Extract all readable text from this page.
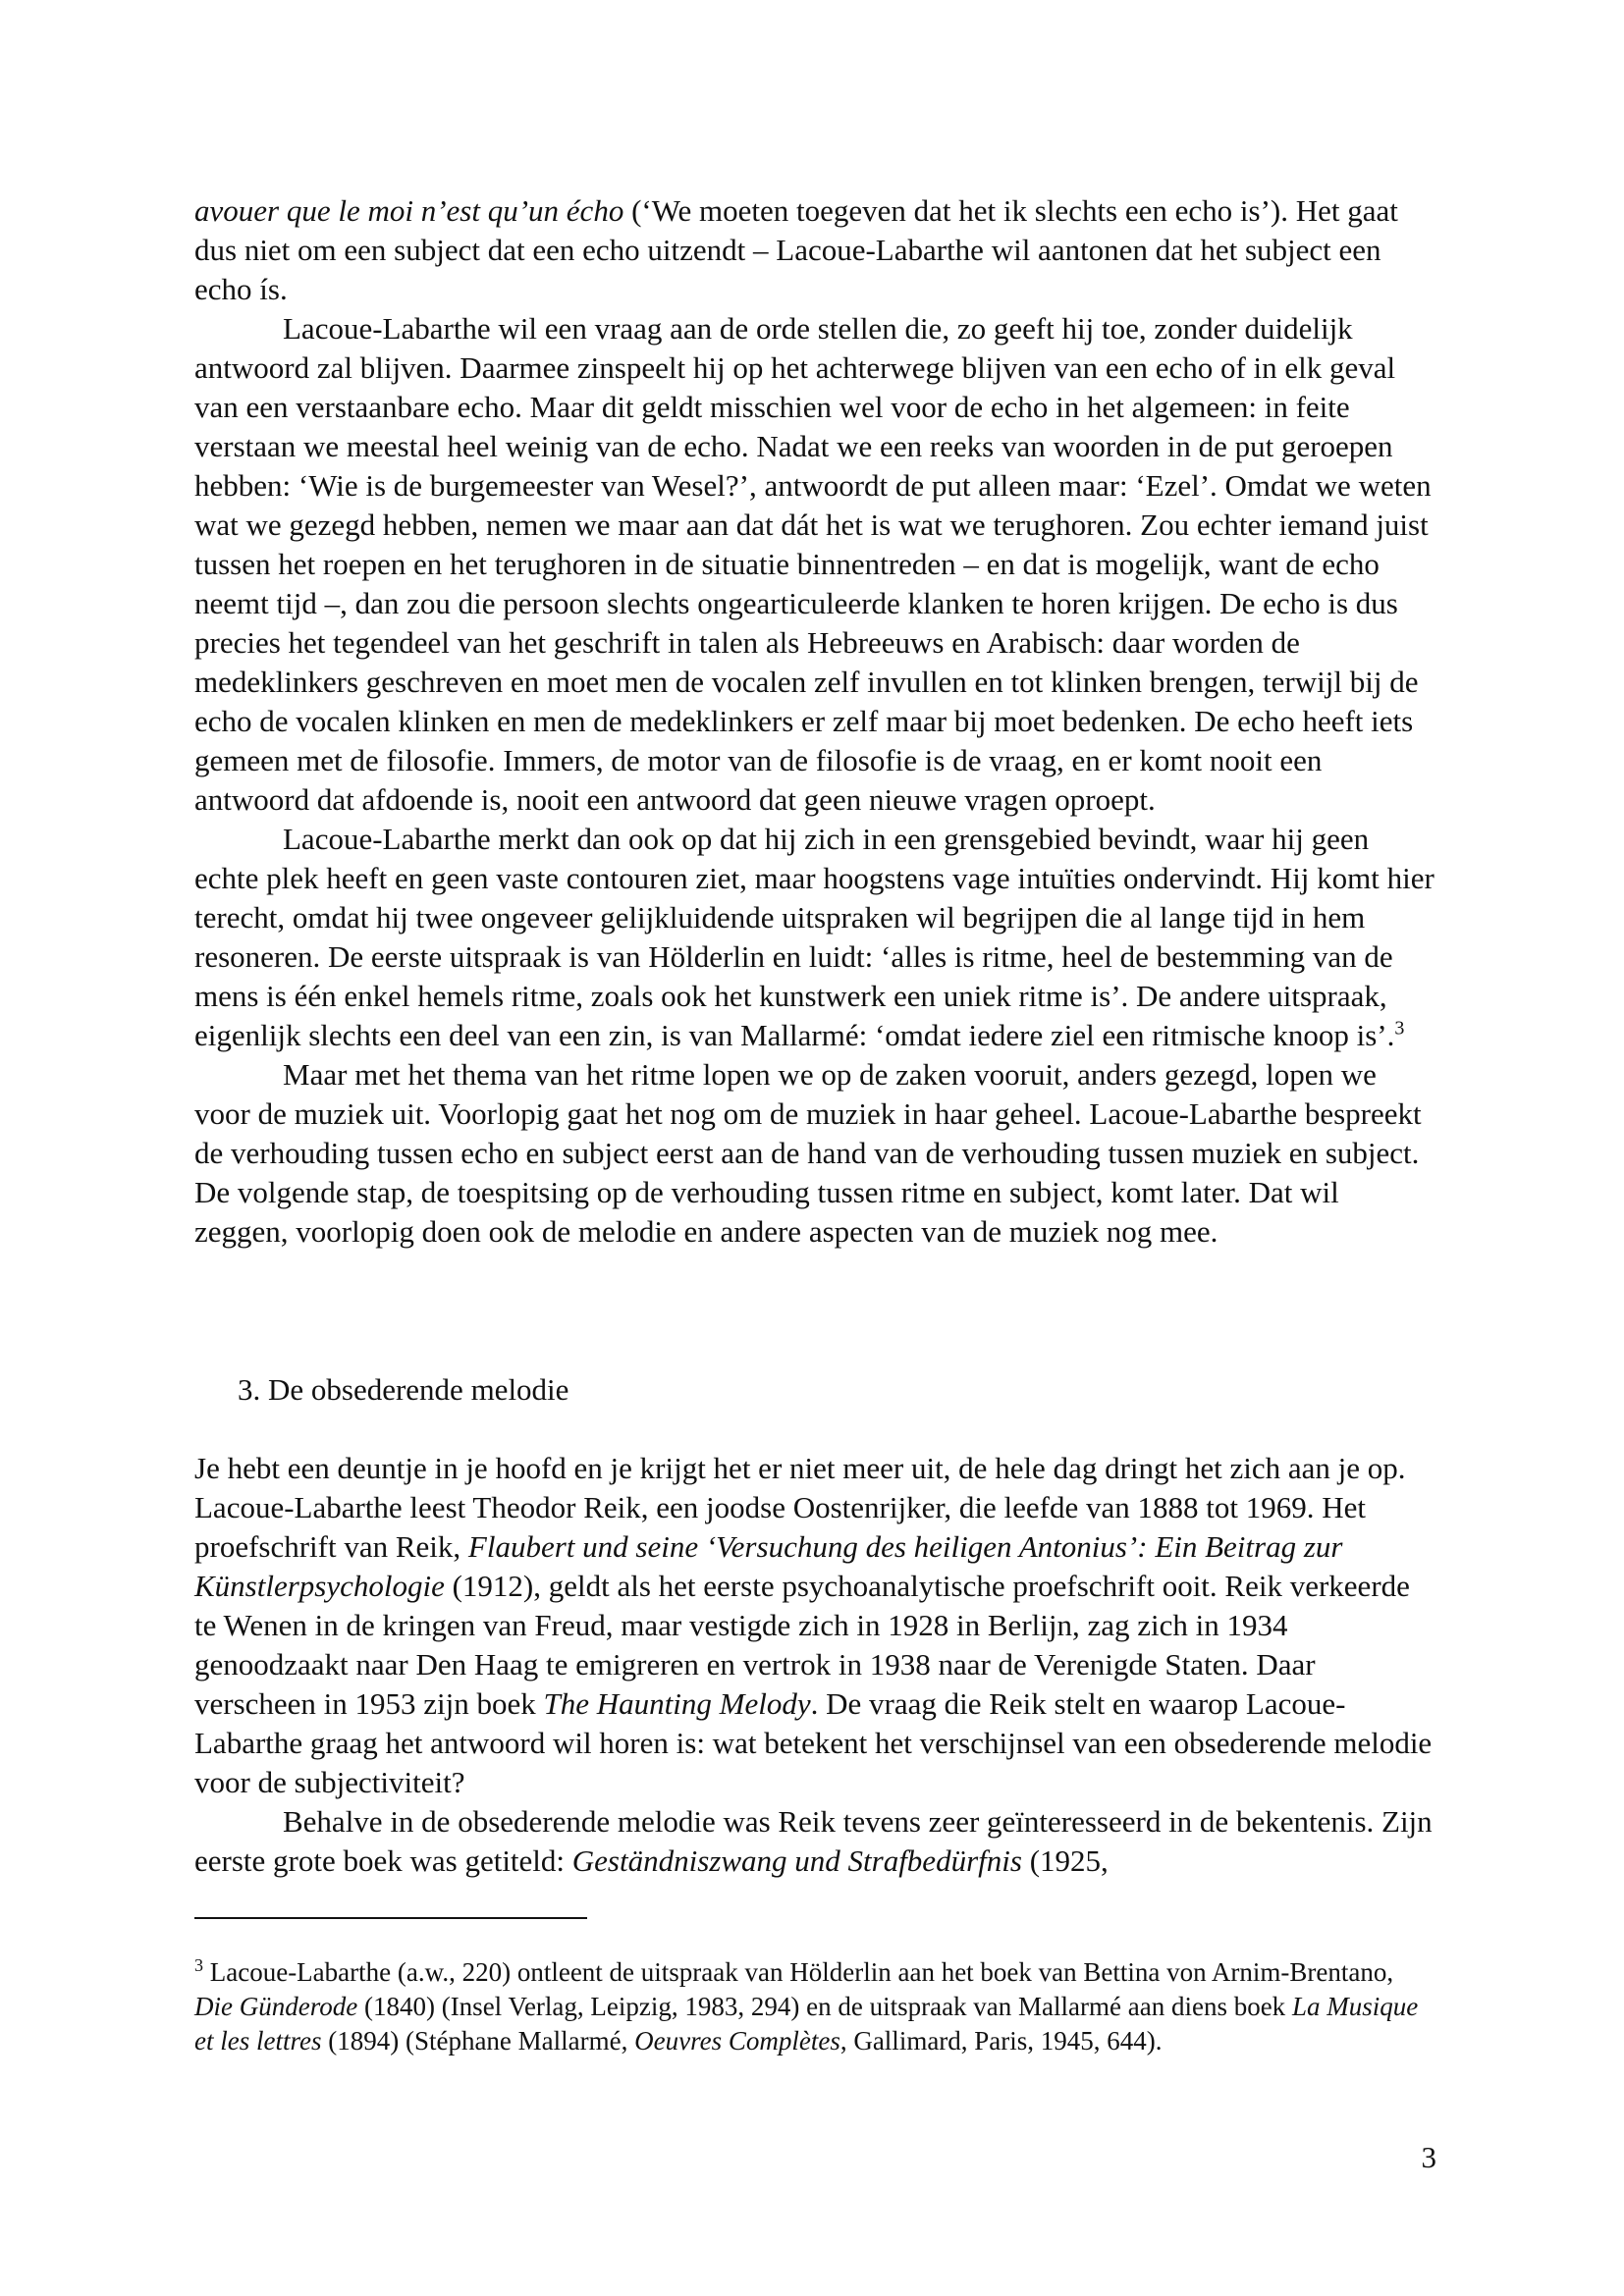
avouer que le moi n’est qu’un écho (‘We moeten toegeven dat het ik slechts een echo is’). Het gaat dus niet om een subject dat een echo uitzendt – Lacoue-Labarthe wil aantonen dat het subject een echo ís.

Lacoue-Labarthe wil een vraag aan de orde stellen die, zo geeft hij toe, zonder duidelijk antwoord zal blijven. Daarmee zinspeelt hij op het achterwege blijven van een echo of in elk geval van een verstaanbare echo. Maar dit geldt misschien wel voor de echo in het algemeen: in feite verstaan we meestal heel weinig van de echo. Nadat we een reeks van woorden in de put geroepen hebben: ‘Wie is de burgemeester van Wesel?’, antwoordt de put alleen maar: ‘Ezel’. Omdat we weten wat we gezegd hebben, nemen we maar aan dat dát het is wat we terughoren. Zou echter iemand juist tussen het roepen en het terughoren in de situatie binnentreden – en dat is mogelijk, want de echo neemt tijd –, dan zou die persoon slechts ongearticuleerde klanken te horen krijgen. De echo is dus precies het tegendeel van het geschrift in talen als Hebreeuws en Arabisch: daar worden de medeklinkers geschreven en moet men de vocalen zelf invullen en tot klinken brengen, terwijl bij de echo de vocalen klinken en men de medeklinkers er zelf maar bij moet bedenken. De echo heeft iets gemeen met de filosofie. Immers, de motor van de filosofie is de vraag, en er komt nooit een antwoord dat afdoende is, nooit een antwoord dat geen nieuwe vragen oproept.

Lacoue-Labarthe merkt dan ook op dat hij zich in een grensgebied bevindt, waar hij geen echte plek heeft en geen vaste contouren ziet, maar hoogstens vage intuïties ondervindt. Hij komt hier terecht, omdat hij twee ongeveer gelijkluidende uitspraken wil begrijpen die al lange tijd in hem resoneren. De eerste uitspraak is van Hölderlin en luidt: ‘alles is ritme, heel de bestemming van de mens is één enkel hemels ritme, zoals ook het kunstwerk een uniek ritme is’. De andere uitspraak, eigenlijk slechts een deel van een zin, is van Mallarmé: ‘omdat iedere ziel een ritmische knoop is’.$^3$

Maar met het thema van het ritme lopen we op de zaken vooruit, anders gezegd, lopen we voor de muziek uit. Voorlopig gaat het nog om de muziek in haar geheel. Lacoue-Labarthe bespreekt de verhouding tussen echo en subject eerst aan de hand van de verhouding tussen muziek en subject. De volgende stap, de toespitsing op de verhouding tussen ritme en subject, komt later. Dat wil zeggen, voorlopig doen ook de melodie en andere aspecten van de muziek nog mee.

3. De obsederende melodie

Je hebt een deuntje in je hoofd en je krijgt het er niet meer uit, de hele dag dringt het zich aan je op. Lacoue-Labarthe leest Theodor Reik, een joodse Oostenrijker, die leefde van 1888 tot 1969. Het proefschrift van Reik, Flaubert und seine ‘Versuchung des heiligen Antonius’: Ein Beitrag zur Künstlerpsychologie (1912), geldt als het eerste psychoanalytische proefschrift ooit. Reik verkeerde te Wenen in de kringen van Freud, maar vestigde zich in 1928 in Berlijn, zag zich in 1934 genoodzaakt naar Den Haag te emigreren en vertrok in 1938 naar de Verenigde Staten. Daar verscheen in 1953 zijn boek The Haunting Melody. De vraag die Reik stelt en waarop Lacoue-Labarthe graag het antwoord wil horen is: wat betekent het verschijnsel van een obsederende melodie voor de subjectiviteit?

Behalve in de obsederende melodie was Reik tevens zeer geïnteresseerd in de bekentenis. Zijn eerste grote boek was getiteld: Geständniszwang und Strafbedürfnis (1925,

$^3$ Lacoue-Labarthe (a.w., 220) ontleent de uitspraak van Hölderlin aan het boek van Bettina von Arnim-Brentano, Die Günderode (1840) (Insel Verlag, Leipzig, 1983, 294) en de uitspraak van Mallarmé aan diens boek La Musique et les lettres (1894) (Stéphane Mallarmé, Oeuvres Complètes, Gallimard, Paris, 1945, 644).

3
